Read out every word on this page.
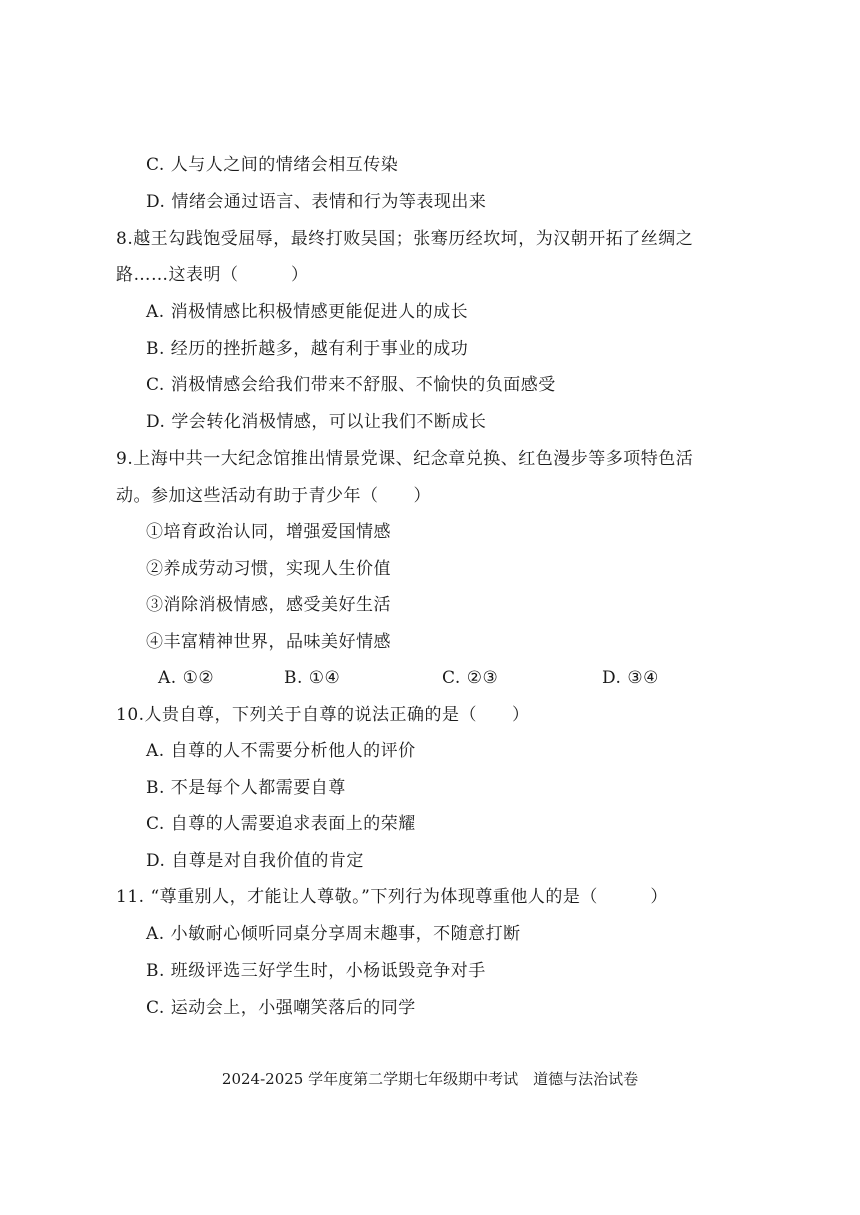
C. 人与人之间的情绪会相互传染
D. 情绪会通过语言、表情和行为等表现出来
8.越王勾践饱受屈辱，最终打败吴国；张骞历经坎坷，为汉朝开拓了丝绸之
路……这表明（　　　）
A. 消极情感比积极情感更能促进人的成长
B. 经历的挫折越多，越有利于事业的成功
C. 消极情感会给我们带来不舒服、不愉快的负面感受
D. 学会转化消极情感，可以让我们不断成长
9.上海中共一大纪念馆推出情景党课、纪念章兑换、红色漫步等多项特色活
动。参加这些活动有助于青少年（　　）
①培育政治认同，增强爱国情感
②养成劳动习惯，实现人生价值
③消除消极情感，感受美好生活
④丰富精神世界，品味美好情感
A. ①②	B. ①④	C. ②③	D. ③④
10.人贵自尊，下列关于自尊的说法正确的是（　　）
A. 自尊的人不需要分析他人的评价
B. 不是每个人都需要自尊
C. 自尊的人需要追求表面上的荣耀
D. 自尊是对自我价值的肯定
11. “尊重别人，才能让人尊敬。”下列行为体现尊重他人的是（　　　）
A. 小敏耐心倾听同桌分享周末趣事，不随意打断
B. 班级评选三好学生时，小杨诋毁竞争对手
C. 运动会上，小强嘲笑落后的同学
2024-2025 学年度第二学期七年级期中考试　道德与法治试卷
